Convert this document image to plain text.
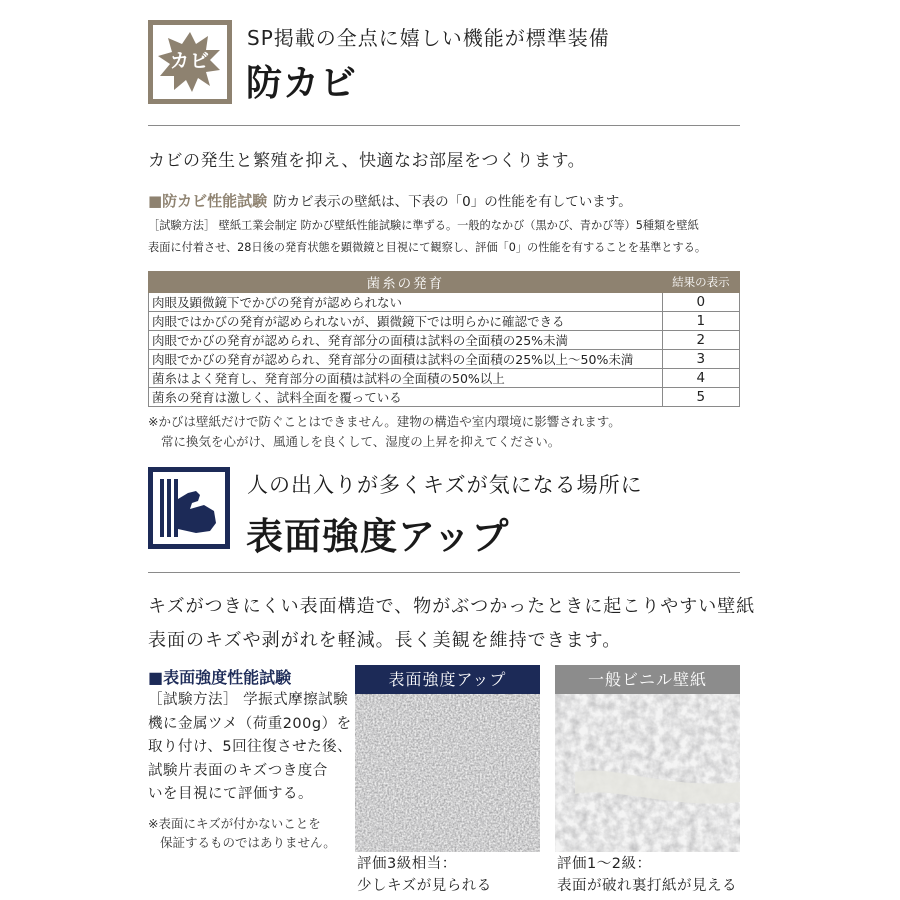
カビ
SP掲載の全点に嬉しい機能が標準装備
防カビ
カビの発生と繁殖を抑え、快適なお部屋をつくります。
■防カビ性能試験 防カビ表示の壁紙は、下表の「0」の性能を有しています。
［試験方法］ 壁紙工業会制定 防かび壁紙性能試験に準ずる。一般的なかび（黒かび、青かび等）5種類を壁紙
表面に付着させ、28日後の発育状態を顕微鏡と目視にて観察し、評価「0」の性能を有することを基準とする。
菌糸の発育	結果の表示
肉眼及顕微鏡下でかびの発育が認められない	0
肉眼ではかびの発育が認められないが、顕微鏡下では明らかに確認できる	1
肉眼でかびの発育が認められ、発育部分の面積は試料の全面積の25%未満	2
肉眼でかびの発育が認められ、発育部分の面積は試料の全面積の25%以上～50%未満	3
菌糸はよく発育し、発育部分の面積は試料の全面積の50%以上	4
菌糸の発育は激しく、試料全面を覆っている	5
※かびは壁紙だけで防ぐことはできません。建物の構造や室内環境に影響されます。
常に換気を心がけ、風通しを良くして、湿度の上昇を抑えてください。
人の出入りが多くキズが気になる場所に
表面強度アップ
キズがつきにくい表面構造で、物がぶつかったときに起こりやすい壁紙
表面のキズや剥がれを軽減。長く美観を維持できます。
■表面強度性能試験
［試験方法］ 学振式摩擦試験
機に金属ツメ（荷重200g）を
取り付け、5回往復させた後、
試験片表面のキズつき度合
いを目視にて評価する。
※表面にキズが付かないことを
保証するものではありません。
表面強度アップ
評価3級相当：
少しキズが見られる
一般ビニル壁紙
評価1～2級：
表面が破れ裏打紙が見える
